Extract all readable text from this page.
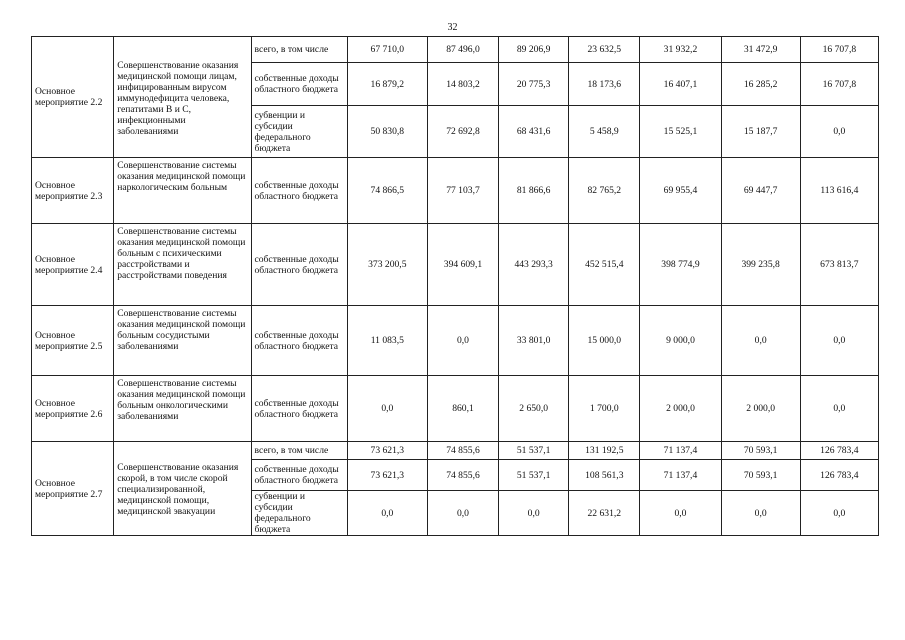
32
Основное мероприятие 2.2	Совершенствование оказания медицинской помощи лицам, инфицированным вирусом иммунодефицита человека, гепатитами В и С, инфекционными заболеваниями	всего, в том числе	67 710,0	87 496,0	89 206,9	23 632,5	31 932,2	31 472,9	16 707,8
		собственные доходы областного бюджета	16 879,2	14 803,2	20 775,3	18 173,6	16 407,1	16 285,2	16 707,8
		субвенции и субсидии федерального бюджета	50 830,8	72 692,8	68 431,6	5 458,9	15 525,1	15 187,7	0,0
Основное мероприятие 2.3	Совершенствование системы оказания медицинской помощи наркологическим больным	собственные доходы областного бюджета	74 866,5	77 103,7	81 866,6	82 765,2	69 955,4	69 447,7	113 616,4
Основное мероприятие 2.4	Совершенствование системы оказания медицинской помощи больным с психическими расстройствами и расстройствами поведения	собственные доходы областного бюджета	373 200,5	394 609,1	443 293,3	452 515,4	398 774,9	399 235,8	673 813,7
Основное мероприятие 2.5	Совершенствование системы оказания медицинской помощи больным сосудистыми заболеваниями	собственные доходы областного бюджета	11 083,5	0,0	33 801,0	15 000,0	9 000,0	0,0	0,0
Основное мероприятие 2.6	Совершенствование системы оказания медицинской помощи больным онкологическими заболеваниями	собственные доходы областного бюджета	0,0	860,1	2 650,0	1 700,0	2 000,0	2 000,0	0,0
Основное мероприятие 2.7	Совершенствование оказания скорой, в том числе скорой специализированной, медицинской помощи, медицинской эвакуации	всего, в том числе	73 621,3	74 855,6	51 537,1	131 192,5	71 137,4	70 593,1	126 783,4
		собственные доходы областного бюджета	73 621,3	74 855,6	51 537,1	108 561,3	71 137,4	70 593,1	126 783,4
		субвенции и субсидии федерального бюджета	0,0	0,0	0,0	22 631,2	0,0	0,0	0,0
